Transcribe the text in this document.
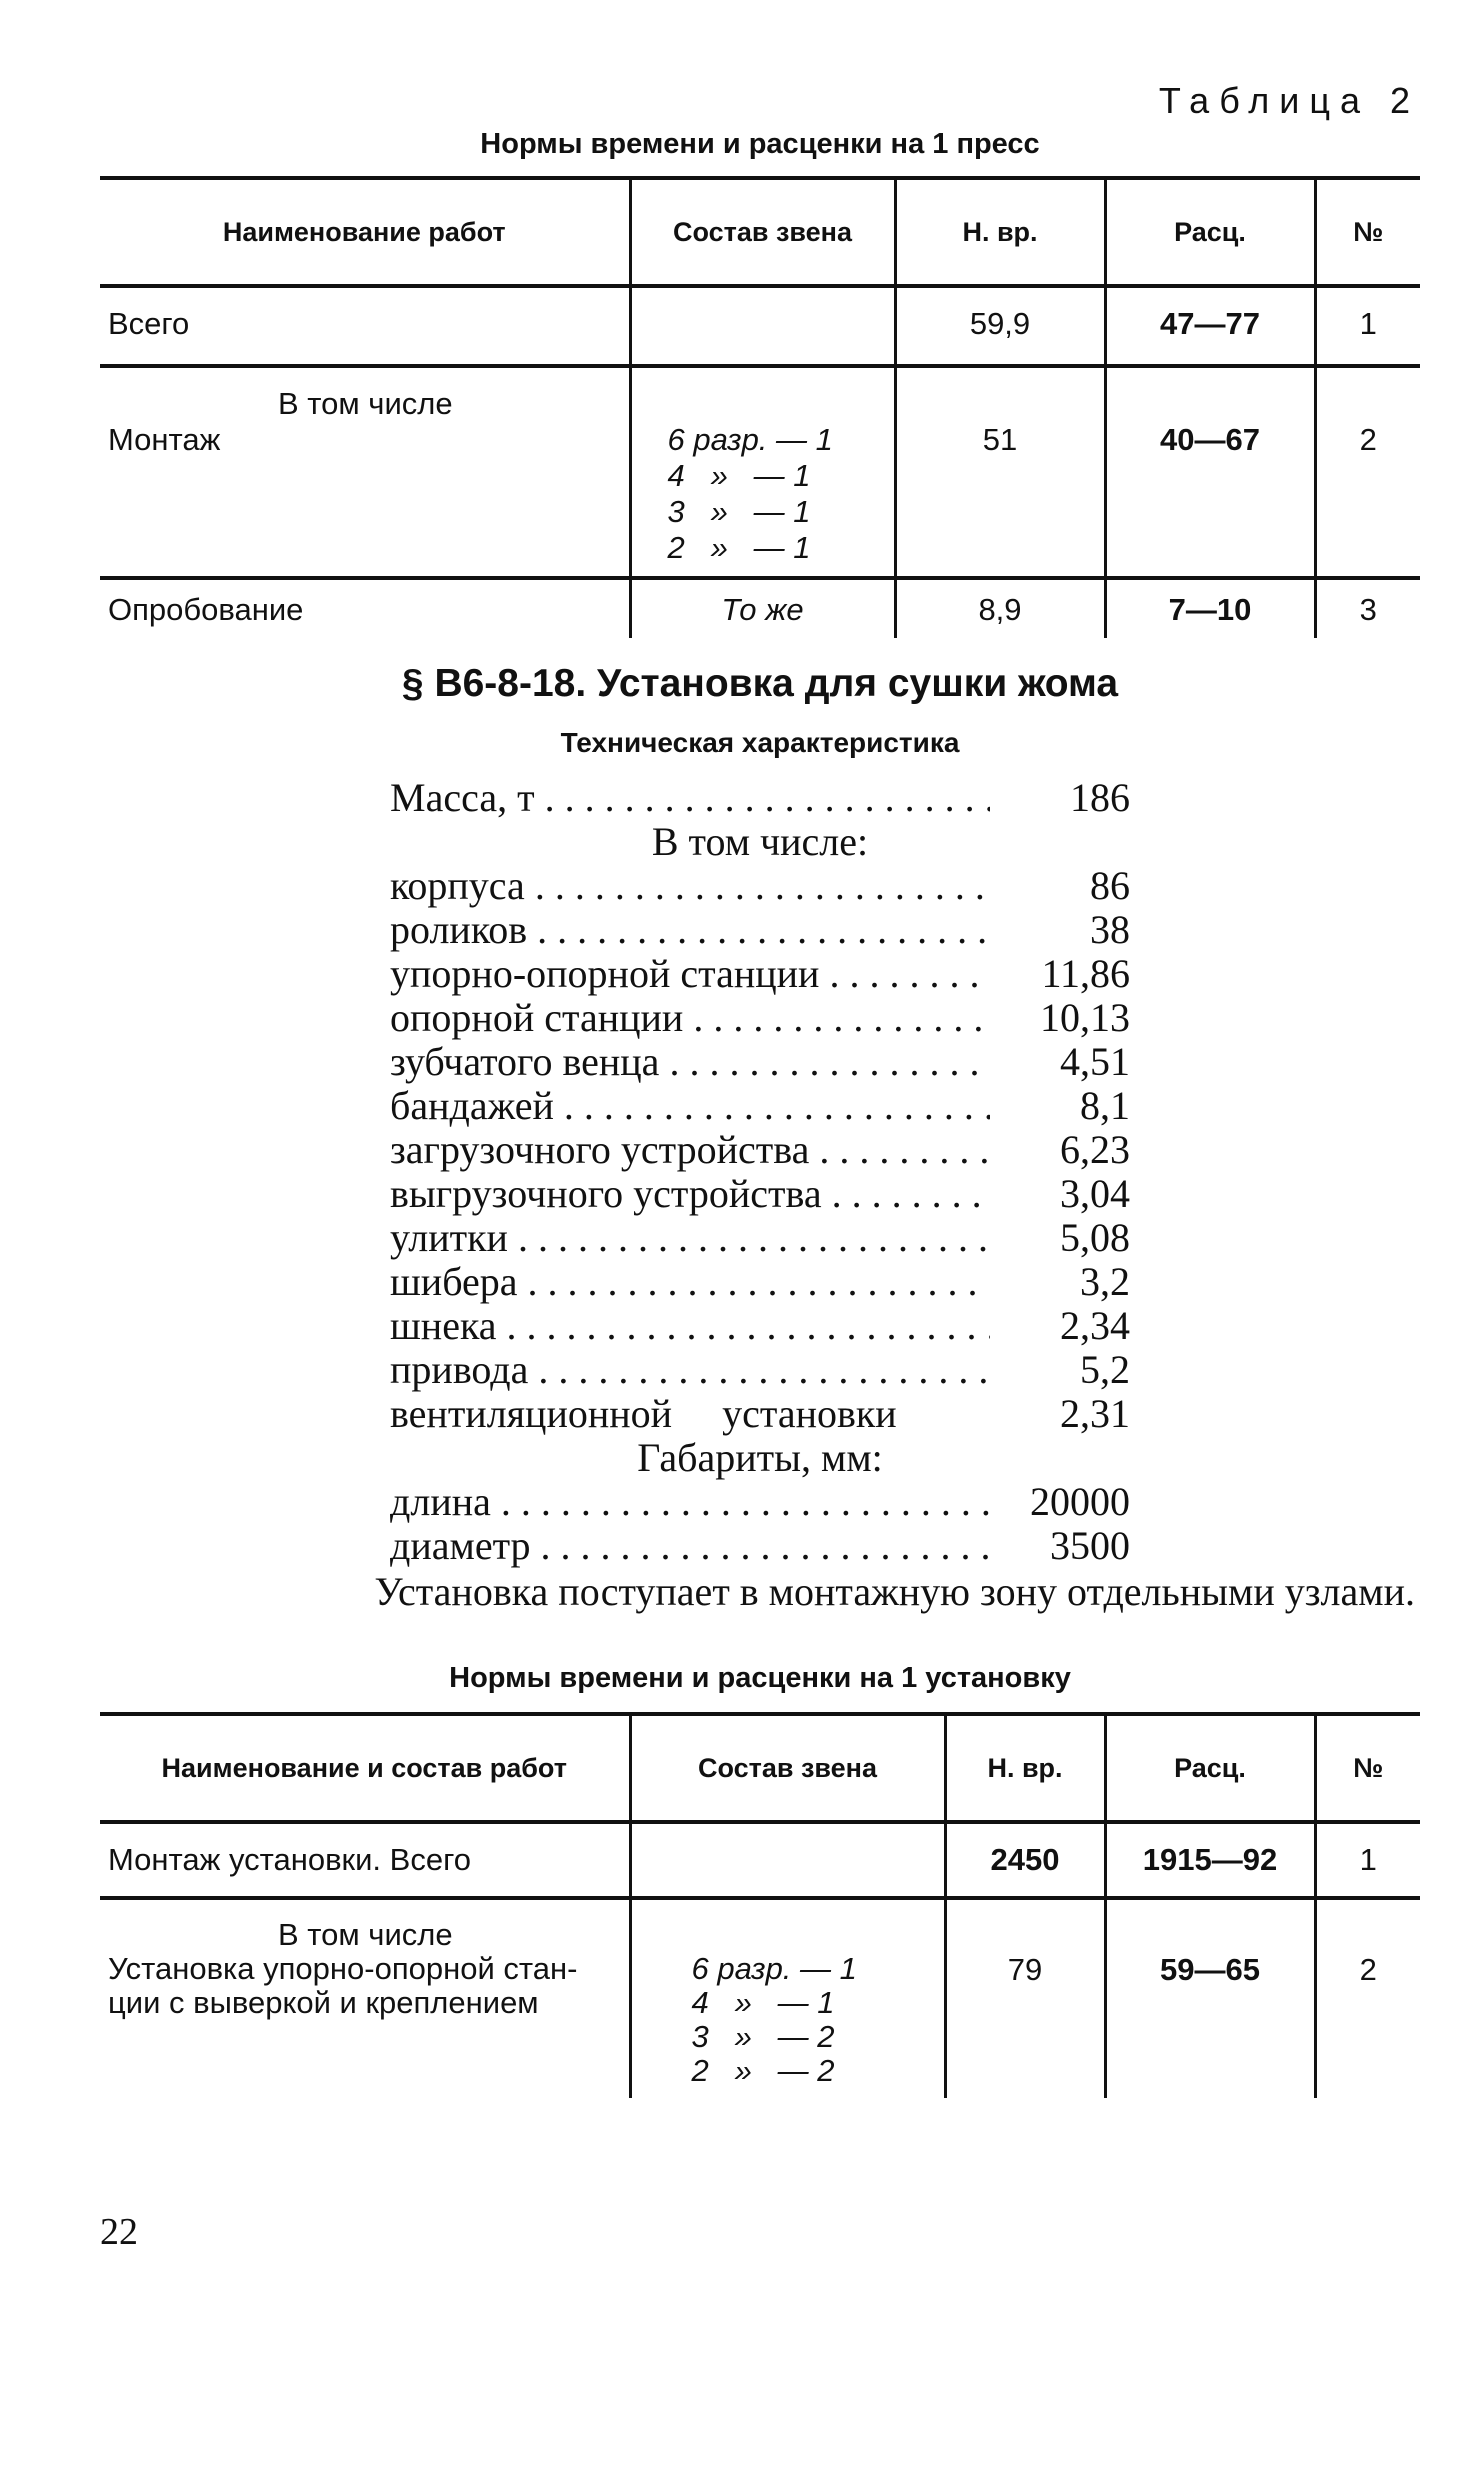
Таблица 2
Нормы времени и расценки на 1 пресс
Наименование работ	Состав звена	Н. вр.	Расц.	№
Всего		59,9	47—77	1

В том числе
Монтаж	6 разр. — 1
4   »   — 1
3   »   — 1
2   »   — 1	51	40—67	2
Опробование	То же	8,9	7—10	3
§ В6-8-18. Установка для сушки жома
Техническая характеристика
Масса, т . . .	186
В том числе:
корпуса . . .	86
роликов . . .	38
упорно-опорной станции . . .	11,86
опорной станции . . .	10,13
зубчатого венца . . .	4,51
бандажей . . .	8,1
загрузочного устройства . . .	6,23
выгрузочного устройства . . .	3,04
улитки . . .	5,08
шибера . . .	3,2
шнека . . .	2,34
привода . . .	5,2
вентиляционной     установки	2,31
Габариты, мм:
длина . . .	20000
диаметр . . .	3500
Установка поступает в монтажную зону отдельными узлами.
Нормы времени и расценки на 1 установку
Наименование и состав работ	Состав звена	Н. вр.	Расц.	№
Монтаж установки. Всего		2450	1915—92	1

В том числе
Установка упорно-опорной стан-
ции с выверкой и креплением	6 разр. — 1
4   »   — 1
3   »   — 2
2   »   — 2	79	59—65	2
22
